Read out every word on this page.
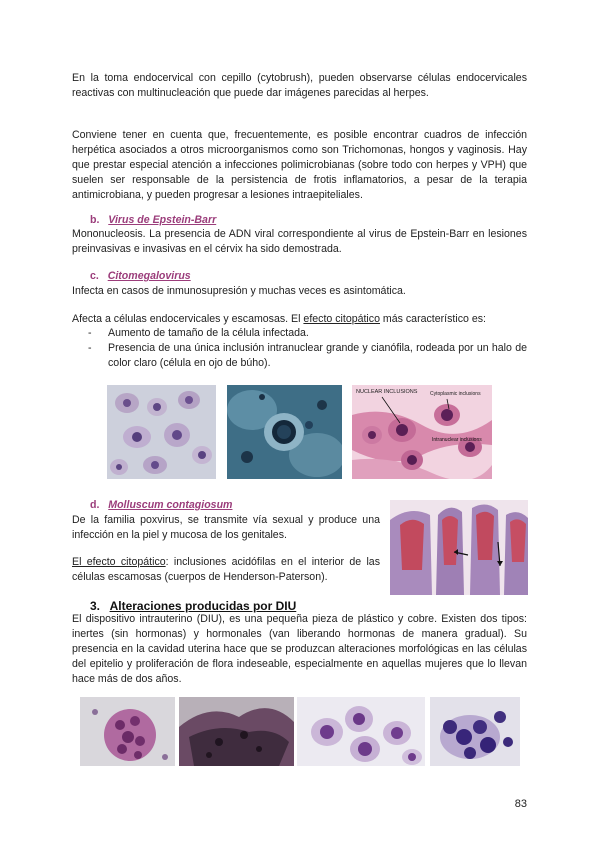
En la toma endocervical con cepillo (cytobrush), pueden observarse células endocervicales reactivas con multinucleación que puede dar imágenes parecidas al herpes.

Conviene tener en cuenta que, frecuentemente, es posible encontrar cuadros de infección herpética asociados a otros microorganismos como son Trichomonas, hongos y vaginosis. Hay que prestar especial atención a infecciones polimicrobianas (sobre todo con herpes y VPH) que suelen ser responsable de la persistencia de frotis inflamatorios, a pesar de la terapia antimicrobiana, y pueden progresar a lesiones intraepiteliales.

b. Virus de Epstein-Barr

Mononucleosis. La presencia de ADN viral correspondiente al virus de Epstein-Barr en lesiones preinvasivas e invasivas en el cérvix ha sido demostrada.

c. Citomegalovirus

Infecta en casos de inmunosupresión y muchas veces es asintomática.

Afecta a células endocervicales y escamosas. El efecto citopático más característico es:

- Aumento de tamaño de la célula infectada.
- Presencia de una única inclusión intranuclear grande y cianófila, rodeada por un halo de color claro (célula en ojo de búho).
NUCLEAR INCLUSIONS	Cytoplasmic inclusions
Intranuclear inclusions

d. Molluscum contagiosum

De la familia poxvirus, se transmite vía sexual y produce una infección en la piel y mucosa de los genitales.

El efecto citopático: inclusiones acidófilas en el interior de las células escamosas (cuerpos de Henderson-Paterson).

3. Alteraciones producidas por DIU

El dispositivo intrauterino (DIU), es una pequeña pieza de plástico y cobre. Existen dos tipos: inertes (sin hormonas) y hormonales (van liberando hormonas de manera gradual). Su presencia en la cavidad uterina hace que se produzcan alteraciones morfológicas en las células del epitelio y proliferación de flora indeseable, especialmente en aquellas mujeres que lo llevan hace más de dos años.

83
